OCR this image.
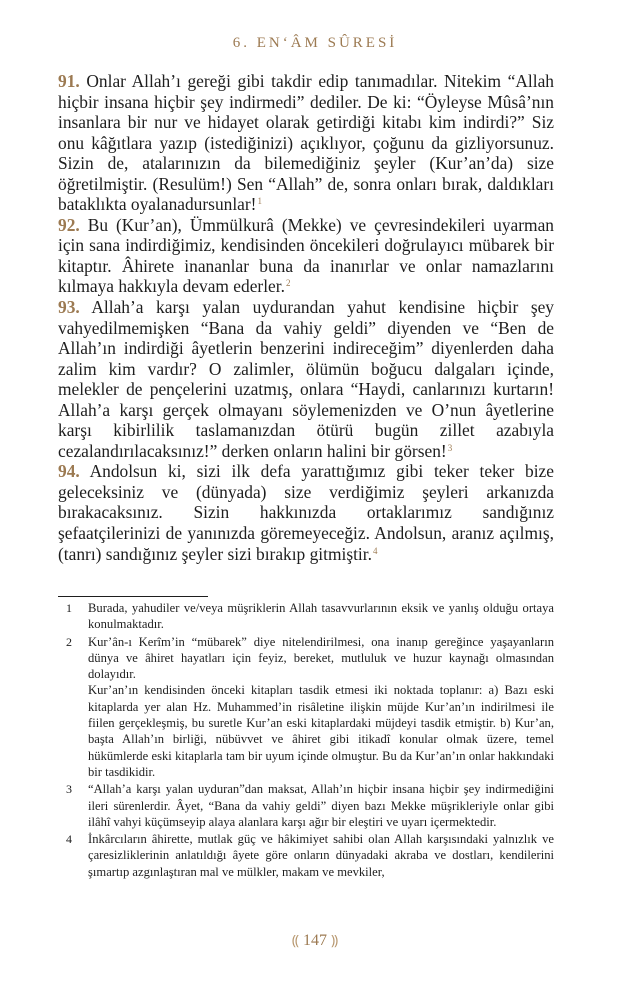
6. EN‘ÂM SÛRESİ

91. Onlar Allah’ı gereği gibi takdir edip tanımadılar. Nitekim “Allah hiçbir insana hiçbir şey indirmedi” dediler. De ki: “Öyleyse Mûsâ’nın insanlara bir nur ve hidayet olarak getirdiği kitabı kim indirdi?” Siz onu kâğıtlara yazıp (istediğinizi) açıklıyor, çoğunu da gizliyorsunuz. Sizin de, atalarınızın da bilemediğiniz şeyler (Kur’an’da) size öğretilmiştir. (Resulüm!) Sen “Allah” de, sonra onları bırak, daldıkları bataklıkta oyalanadursunlar!$^1$

92. Bu (Kur’an), Ümmülkurâ (Mekke) ve çevresindekileri uyarman için sana indirdiğimiz, kendisinden öncekileri doğrulayıcı mübarek bir kitaptır. Âhirete inananlar buna da inanırlar ve onlar namazlarını kılmaya hakkıyla devam ederler.$^2$

93. Allah’a karşı yalan uydurandan yahut kendisine hiçbir şey vahyedilmemişken “Bana da vahiy geldi” diyenden ve “Ben de Allah’ın indirdiği âyetlerin benzerini indireceğim” diyenlerden daha zalim kim vardır? O zalimler, ölümün boğucu dalgaları içinde, melekler de pençelerini uzatmış, onlara “Haydi, canlarınızı kurtarın! Allah’a karşı gerçek olmayanı söylemenizden ve O’nun âyetlerine karşı kibirlilik taslamanızdan ötürü bugün zillet azabıyla cezalandırılacaksınız!” derken onların halini bir görsen!$^3$

94. Andolsun ki, sizi ilk defa yarattığımız gibi teker teker bize geleceksiniz ve (dünyada) size verdiğimiz şeyleri arkanızda bırakacaksınız. Sizin hakkınızda ortaklarımız sandığınız şefaatçilerinizi de yanınızda göremeyeceğiz. Andolsun, aranız açılmış, (tanrı) sandığınız şeyler sizi bırakıp gitmiştir.$^4$

1 Burada, yahudiler ve/veya müşriklerin Allah tasavvurlarının eksik ve yanlış olduğu ortaya konulmaktadır.
2 Kur’ân-ı Kerîm’in “mübarek” diye nitelendirilmesi, ona inanıp gereğince yaşayanların dünya ve âhiret hayatları için feyiz, bereket, mutluluk ve huzur kaynağı olmasından dolayıdır.
Kur’an’ın kendisinden önceki kitapları tasdik etmesi iki noktada toplanır: a) Bazı eski kitaplarda yer alan Hz. Muhammed’in risâletine ilişkin müjde Kur’an’ın indirilmesi ile fiilen gerçekleşmiş, bu suretle Kur’an eski kitaplardaki müjdeyi tasdik etmiştir. b) Kur’an, başta Allah’ın birliği, nübüvvet ve âhiret gibi itikadî konular olmak üzere, temel hükümlerde eski kitaplarla tam bir uyum içinde olmuştur. Bu da Kur’an’ın onlar hakkındaki bir tasdikidir.
3 “Allah’a karşı yalan uyduran”dan maksat, Allah’ın hiçbir insana hiçbir şey indirmediğini ileri sürenlerdir. Âyet, “Bana da vahiy geldi” diyen bazı Mekke müşrikleriyle onlar gibi ilâhî vahyi küçümseyip alaya alanlara karşı ağır bir eleştiri ve uyarı içermektedir.
4 İnkârcıların âhirette, mutlak güç ve hâkimiyet sahibi olan Allah karşısındaki yalnızlık ve çaresizliklerinin anlatıldığı âyete göre onların dünyadaki akraba ve dostları, kendilerini şımartıp azgınlaştıran mal ve mülkler, makam ve mevkiler,
⸨ 147 ⸩
